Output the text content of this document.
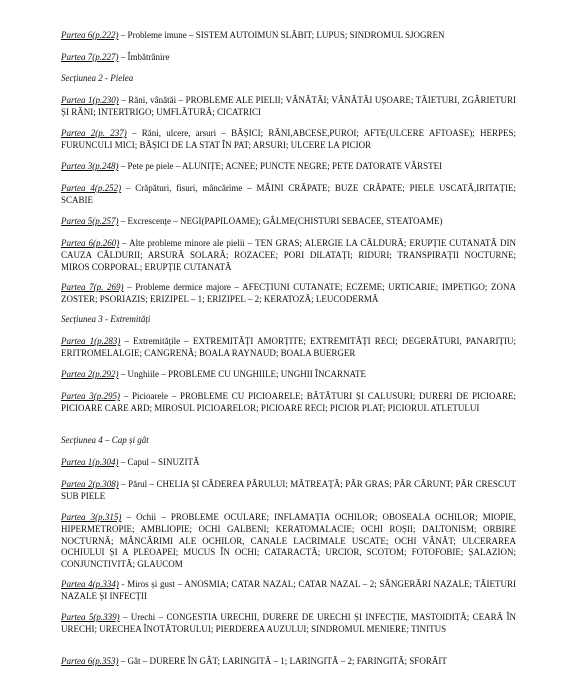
Partea 6(p.222) – Probleme imune – SISTEM AUTOIMUN SLĂBIT; LUPUS; SINDROMUL SJOGREN
Partea 7(p.227) – Îmbătrânire
Secțiunea 2 - Pielea
Partea 1(p.230) – Răni, vânătăi – PROBLEME ALE PIELII; VÂNĂTĂI; VÂNĂTĂI UȘOARE; TĂIETURI, ZGÂRIETURI ȘI RĂNI; INTERTRIGO; UMFLĂTURĂ; CICATRICI
Partea 2(p. 237) – Răni, ulcere, arsuri – BĂȘICI; RĂNI,ABCESE,PUROI; AFTE(ULCERE AFTOASE); HERPES; FURUNCULI MICI; BĂȘICI DE LA STAT ÎN PAT; ARSURI; ULCERE LA PICIOR
Partea 3(p.248) – Pete pe piele – ALUNIȚE; ACNEE; PUNCTE NEGRE; PETE DATORATE VÂRSTEI
Partea 4(p.252) – Crăpături, fisuri, mâncărime – MÂINI CRĂPATE; BUZE CRĂPATE; PIELE USCATĂ,IRITAȚIE; SCABIE
Partea 5(p.257) – Excrescențe – NEGI(PAPILOAME); GÂLME(CHISTURI SEBACEE, STEATOAME)
Partea 6(p.260) – Alte probleme minore ale pielii – TEN GRAS; ALERGIE LA CĂLDURĂ; ERUPȚIE CUTANATĂ DIN CAUZA CĂLDURII; ARSURĂ SOLARĂ; ROZACEE; PORI DILATAȚI; RIDURI; TRANSPIRAȚII NOCTURNE; MIROS CORPORAL; ERUPȚIE CUTANATĂ
Partea 7(p. 269) – Probleme dermice majore – AFECȚIUNI CUTANATE; ECZEME; URTICARIE; IMPETIGO; ZONA ZOSTER; PSORIAZIS; ERIZIPEL – 1; ERIZIPEL – 2; KERATOZĂ; LEUCODERMĂ
Secțiunea 3 - Extremități
Partea 1(p.283) – Extremitățile – EXTREMITĂȚI AMORȚITE; EXTREMITĂȚI RECI; DEGERĂTURI, PANARIȚIU; ERITROMELALGIE; CANGRENĂ; BOALA RAYNAUD; BOALA BUERGER
Partea 2(p.292) – Unghiile – PROBLEME CU UNGHIILE; UNGHII ÎNCARNATE
Partea 3(p.295) – Picioarele – PROBLEME CU PICIOARELE; BĂTĂTURI ȘI CALUSURI; DURERI DE PICIOARE; PICIOARE CARE ARD; MIROSUL PICIOARELOR; PICIOARE RECI; PICIOR PLAT; PICIORUL ATLETULUI
Secțiunea 4 – Cap și gât
Partea 1(p.304) – Capul – SINUZITĂ
Partea 2(p.308) – Părul – CHELIA ȘI CĂDEREA PĂRULUI; MĂTREAȚĂ; PĂR GRAS; PĂR CĂRUNT; PĂR CRESCUT SUB PIELE
Partea 3(p.315) – Ochii – PROBLEME OCULARE; INFLAMAȚIA OCHILOR; OBOSEALA OCHILOR; MIOPIE, HIPERMETROPIE; AMBLIOPIE; OCHI GALBENI; KERATOMALACIE; OCHI ROȘII; DALTONISM; ORBIRE NOCTURNĂ; MÂNCĂRIMI ALE OCHILOR, CANALE LACRIMALE USCATE; OCHI VÂNĂT; ULCERAREA OCHIULUI ȘI A PLEOAPEI; MUCUS ÎN OCHI; CATARACTĂ; URCIOR, SCOTOM; FOTOFOBIE; ȘALAZION; CONJUNCTIVITĂ; GLAUCOM
Partea 4(p.334) - Miros și gust – ANOSMIA; CATAR NAZAL; CATAR NAZAL – 2; SÂNGERĂRI NAZALE; TĂIETURI NAZALE ȘI INFECȚII
Partea 5(p.339) – Urechi – CONGESTIA URECHII, DURERE DE URECHI ȘI INFECȚIE, MASTOIDITĂ; CEARĂ ÎN URECHI; URECHEA ÎNOTĂTORULUI; PIERDEREA AUZULUI; SINDROMUL MENIERE; TINITUS
Partea 6(p.353) – Gât – DURERE ÎN GÂT; LARINGITĂ – 1; LARINGITĂ – 2; FARINGITĂ; SFORĂIT
